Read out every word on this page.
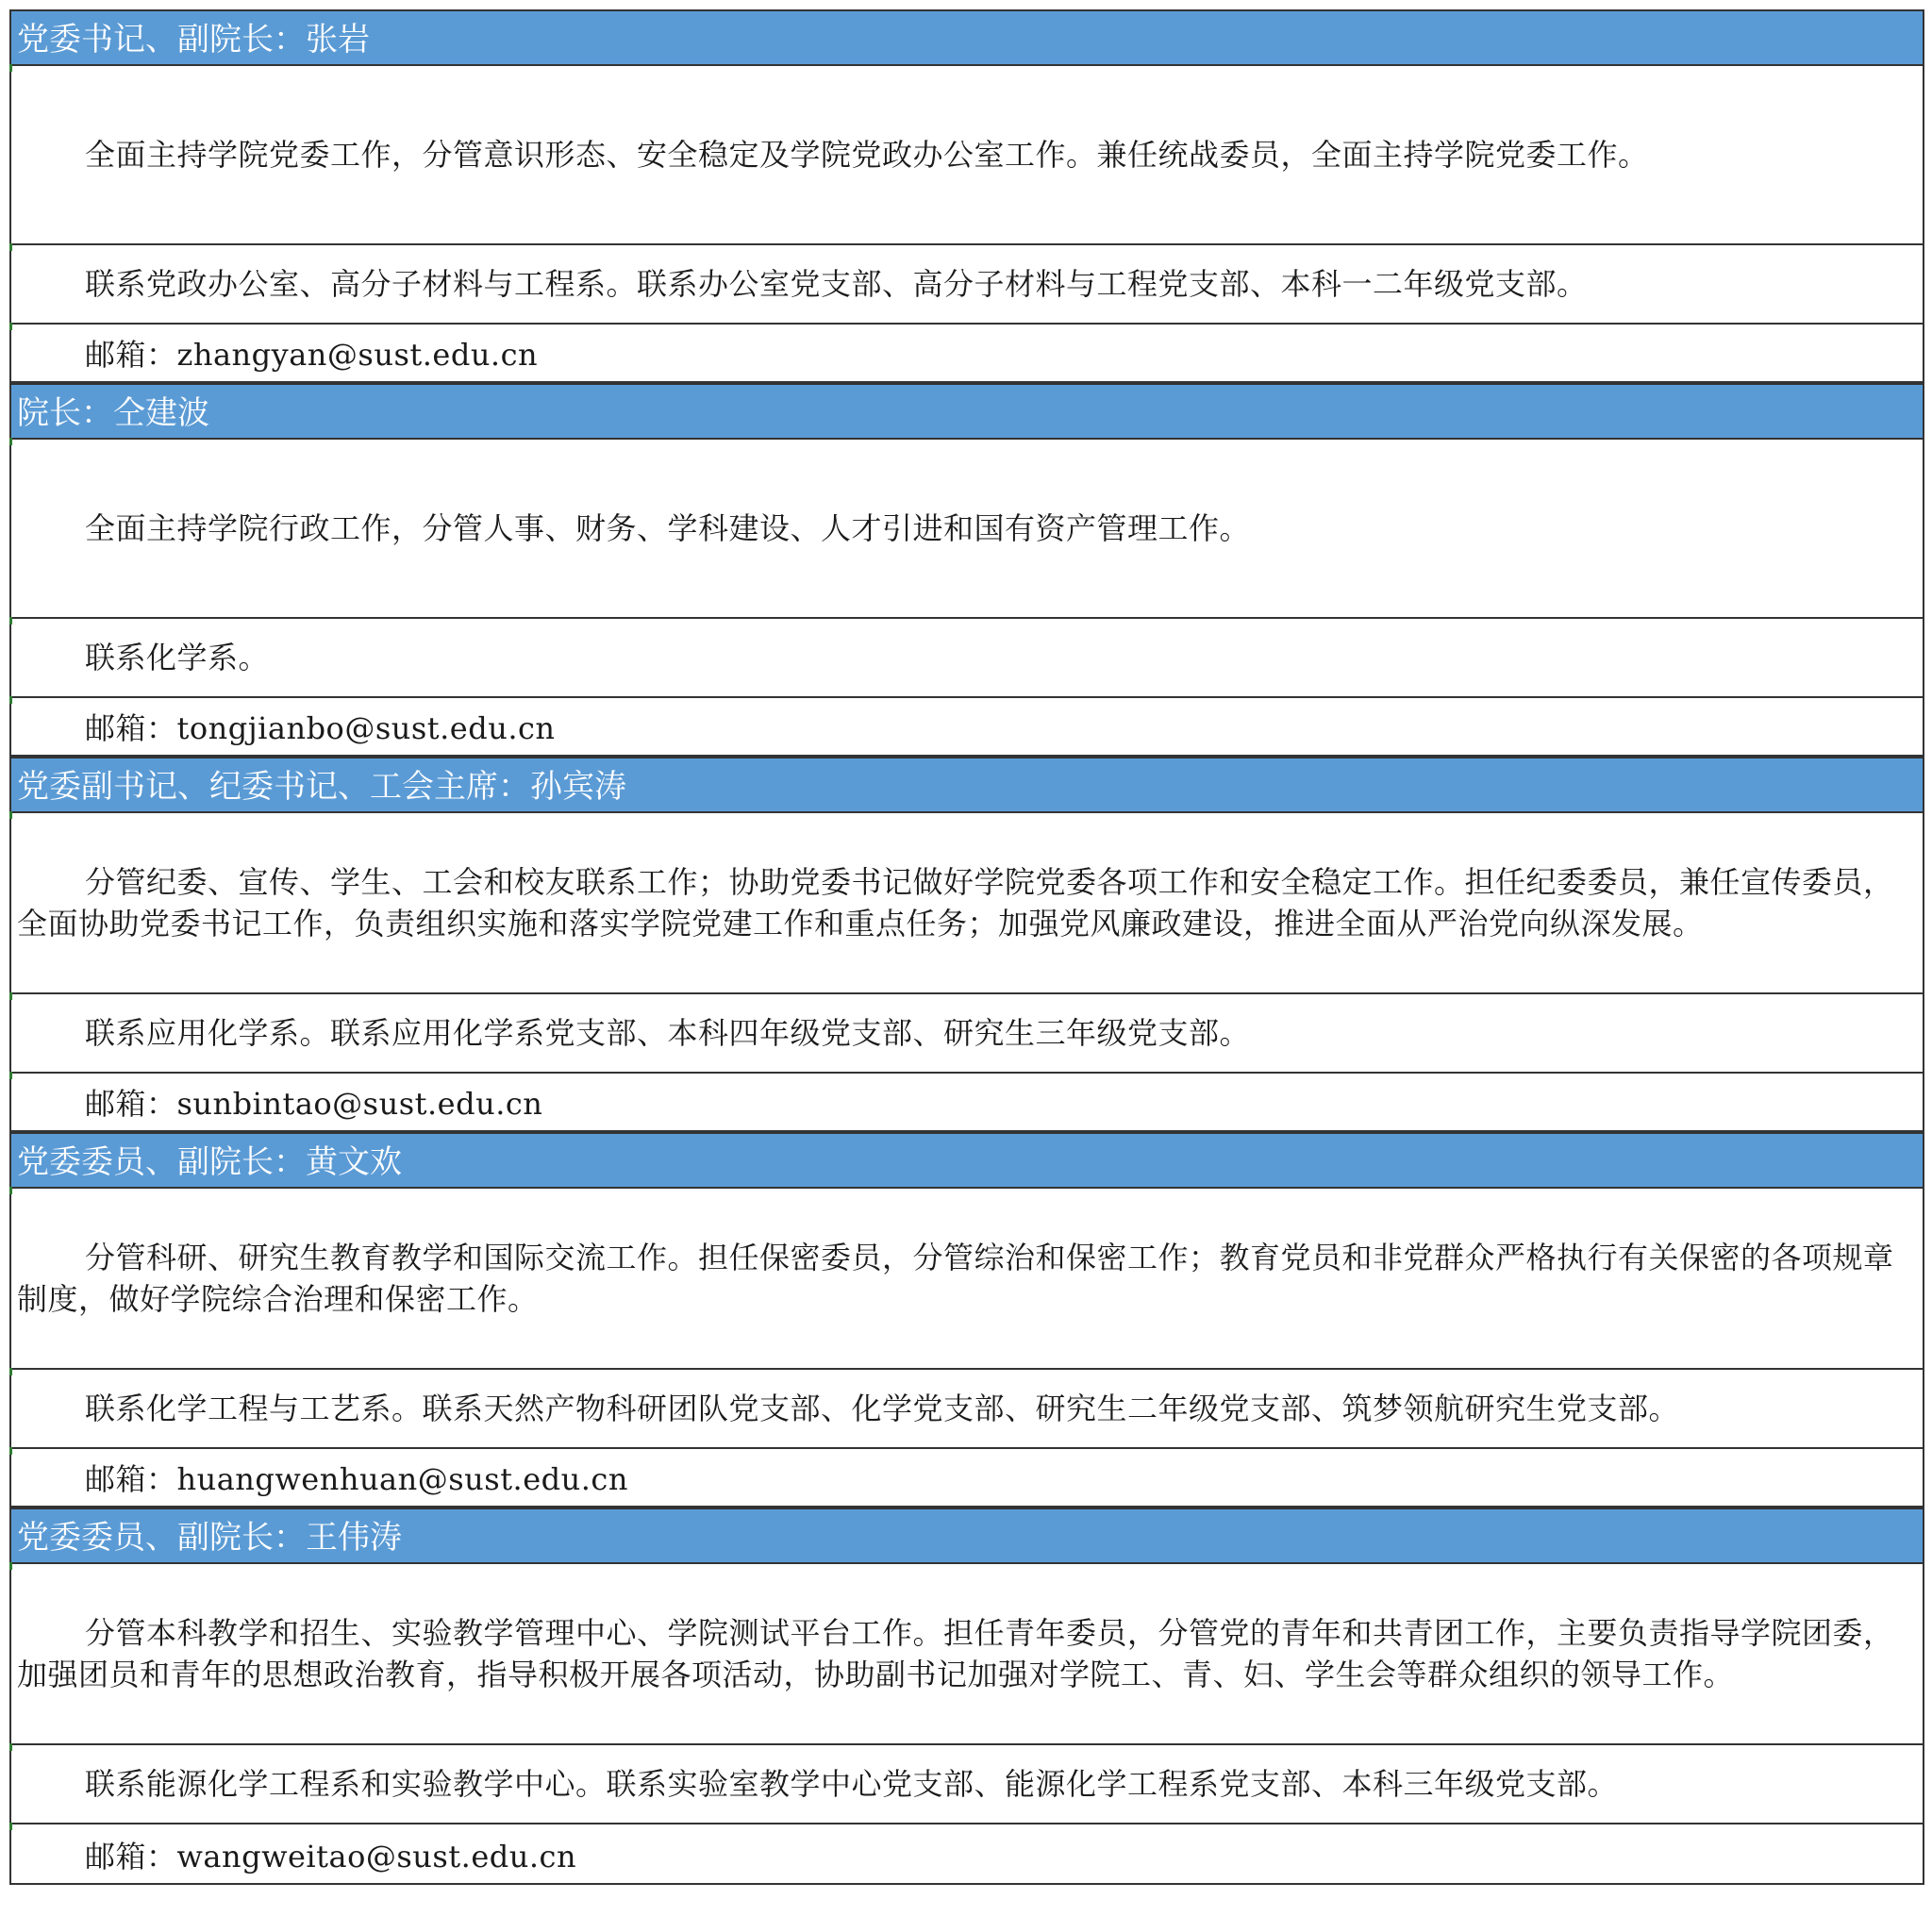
党委书记、副院长：张岩

全面主持学院党委工作，分管意识形态、安全稳定及学院党政办公室工作。兼任统战委员，全面主持学院党委工作。

联系党政办公室、高分子材料与工程系。联系办公室党支部、高分子材料与工程党支部、本科一二年级党支部。

邮箱：zhangyan@sust.edu.cn

院长：仝建波

全面主持学院行政工作，分管人事、财务、学科建设、人才引进和国有资产管理工作。

联系化学系。

邮箱：tongjianbo@sust.edu.cn

党委副书记、纪委书记、工会主席：孙宾涛

分管纪委、宣传、学生、工会和校友联系工作；协助党委书记做好学院党委各项工作和安全稳定工作。担任纪委委员，兼任宣传委员，全面协助党委书记工作，负责组织实施和落实学院党建工作和重点任务；加强党风廉政建设，推进全面从严治党向纵深发展。

联系应用化学系。联系应用化学系党支部、本科四年级党支部、研究生三年级党支部。

邮箱：sunbintao@sust.edu.cn

党委委员、副院长：黄文欢

分管科研、研究生教育教学和国际交流工作。担任保密委员，分管综治和保密工作；教育党员和非党群众严格执行有关保密的各项规章制度，做好学院综合治理和保密工作。

联系化学工程与工艺系。联系天然产物科研团队党支部、化学党支部、研究生二年级党支部、筑梦领航研究生党支部。

邮箱：huangwenhuan@sust.edu.cn

党委委员、副院长：王伟涛

分管本科教学和招生、实验教学管理中心、学院测试平台工作。担任青年委员，分管党的青年和共青团工作，主要负责指导学院团委，加强团员和青年的思想政治教育，指导积极开展各项活动，协助副书记加强对学院工、青、妇、学生会等群众组织的领导工作。

联系能源化学工程系和实验教学中心。联系实验室教学中心党支部、能源化学工程系党支部、本科三年级党支部。

邮箱：wangweitao@sust.edu.cn
